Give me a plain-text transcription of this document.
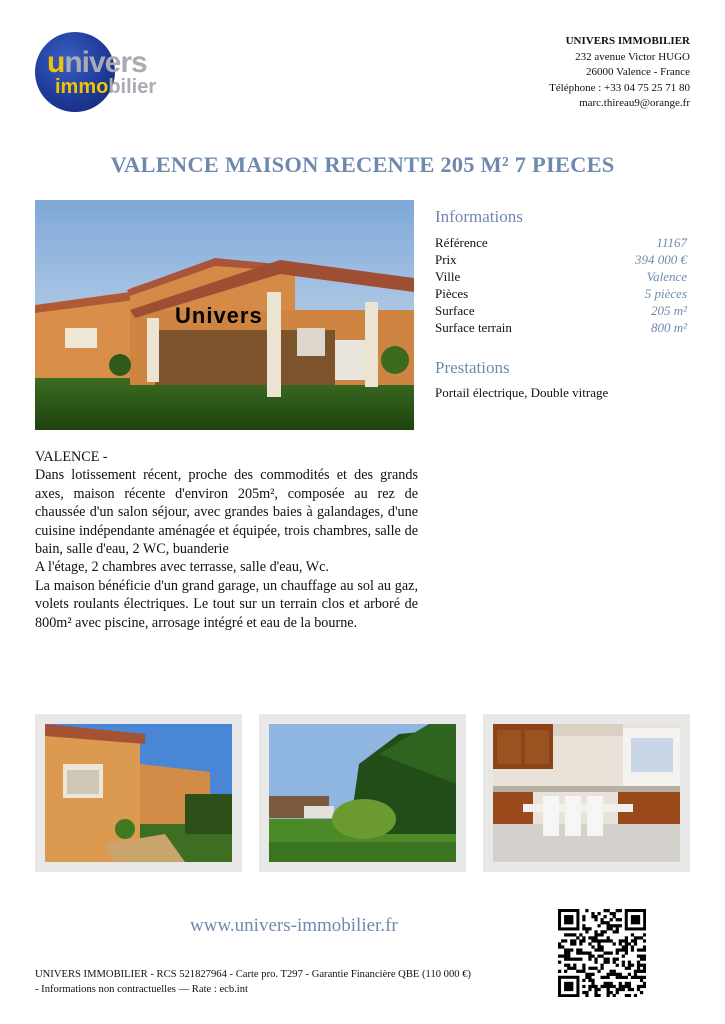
univers
immobilier
UNIVERS IMMOBILIER
232 avenue Victor HUGO
26000 Valence - France
Téléphone : +33 04 75 25 71 80
marc.thireau9@orange.fr
VALENCE MAISON RECENTE 205 M² 7 PIECES
Univers
Informations
Référence	11167
Prix	394 000 €
Ville	Valence
Pièces	5 pièces
Surface	205 m²
Surface terrain	800 m²
Prestations
Portail électrique, Double vitrage
VALENCE -
Dans lotissement récent, proche des commodités et des grands axes, maison récente d'environ 205m², composée au rez de chaussée d'un salon séjour, avec grandes baies à galandages, d'une cuisine indépendante aménagée et équipée, trois chambres, salle de bain, salle d'eau, 2 WC, buanderie
A l'étage, 2 chambres avec terrasse, salle d'eau, Wc.
La maison bénéficie d'un grand garage, un chauffage au sol au gaz, volets roulants électriques. Le tout sur un terrain clos et arboré de 800m² avec piscine, arrosage intégré et eau de la bourne.
www.univers-immobilier.fr
UNIVERS IMMOBILIER - RCS 521827964 - Carte pro. T297 - Garantie Financière QBE (110 000 €)
- Informations non contractuelles — Rate : ecb.int
